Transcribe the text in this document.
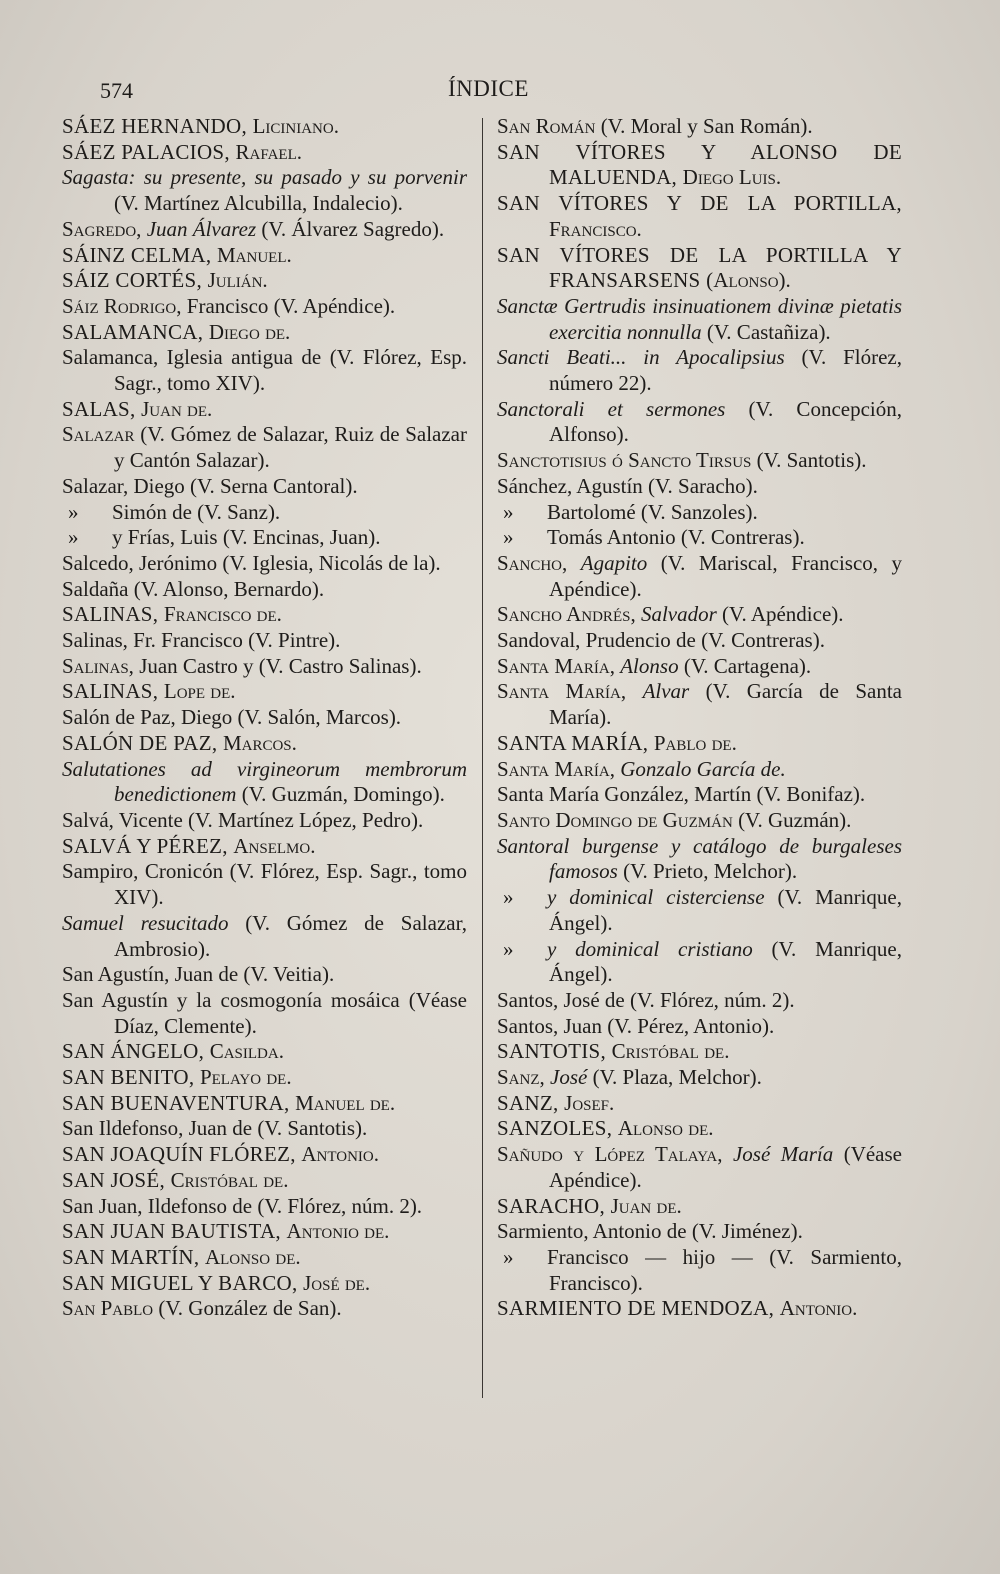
574	ÍNDICE
SÁEZ HERNANDO, Liciniano.
SÁEZ PALACIOS, Rafael.
Sagasta: su presente, su pasado y su porvenir (V. Martínez Alcubilla, Indalecio).
Sagredo, Juan Álvarez (V. Álvarez Sagredo).
SÁINZ CELMA, Manuel.
SÁIZ CORTÉS, Julián.
Sáiz Rodrigo, Francisco (V. Apéndice).
SALAMANCA, Diego de.
Salamanca, Iglesia antigua de (V. Flórez, Esp. Sagr., tomo XIV).
SALAS, Juan de.
Salazar (V. Gómez de Salazar, Ruiz de Salazar y Cantón Salazar).
Salazar, Diego (V. Serna Cantoral).
» Simón de (V. Sanz).
» y Frías, Luis (V. Encinas, Juan).
Salcedo, Jerónimo (V. Iglesia, Nicolás de la).
Saldaña (V. Alonso, Bernardo).
SALINAS, Francisco de.
Salinas, Fr. Francisco (V. Pintre).
Salinas, Juan Castro y (V. Castro Salinas).
SALINAS, Lope de.
Salón de Paz, Diego (V. Salón, Marcos).
SALÓN DE PAZ, Marcos.
Salutationes ad virgineorum membrorum benedictionem (V. Guzmán, Domingo).
Salvá, Vicente (V. Martínez López, Pedro).
SALVÁ Y PÉREZ, Anselmo.
Sampiro, Cronicón (V. Flórez, Esp. Sagr., tomo XIV).
Samuel resucitado (V. Gómez de Salazar, Ambrosio).
San Agustín, Juan de (V. Veitia).
San Agustín y la cosmogonía mosáica (Véase Díaz, Clemente).
SAN ÁNGELO, Casilda.
SAN BENITO, Pelayo de.
SAN BUENAVENTURA, Manuel de.
San Ildefonso, Juan de (V. Santotis).
SAN JOAQUÍN FLÓREZ, Antonio.
SAN JOSÉ, Cristóbal de.
San Juan, Ildefonso de (V. Flórez, núm. 2).
SAN JUAN BAUTISTA, Antonio de.
SAN MARTÍN, Alonso de.
SAN MIGUEL Y BARCO, José de.
San Pablo (V. González de San).
San Román (V. Moral y San Román).
SAN VÍTORES Y ALONSO DE MALUENDA, Diego Luis.
SAN VÍTORES Y DE LA PORTILLA, Francisco.
SAN VÍTORES DE LA PORTILLA Y FRANSARSENS (Alonso).
Sanctæ Gertrudis insinuationem divinæ pietatis exercitia nonnulla (V. Castañiza).
Sancti Beati... in Apocalipsius (V. Flórez, número 22).
Sanctorali et sermones (V. Concepción, Alfonso).
Sanctotisius ó Sancto Tirsus (V. Santotis).
Sánchez, Agustín (V. Saracho).
» Bartolomé (V. Sanzoles).
» Tomás Antonio (V. Contreras).
Sancho, Agapito (V. Mariscal, Francisco, y Apéndice).
Sancho Andrés, Salvador (V. Apéndice).
Sandoval, Prudencio de (V. Contreras).
Santa María, Alonso (V. Cartagena).
Santa María, Alvar (V. García de Santa María).
SANTA MARÍA, Pablo de.
Santa María, Gonzalo García de.
Santa María González, Martín (V. Bonifaz).
Santo Domingo de Guzmán (V. Guzmán).
Santoral burgense y catálogo de burgaleses famosos (V. Prieto, Melchor).
» y dominical cisterciense (V. Manrique, Ángel).
» y dominical cristiano (V. Manrique, Ángel).
Santos, José de (V. Flórez, núm. 2).
Santos, Juan (V. Pérez, Antonio).
SANTOTIS, Cristóbal de.
Sanz, José (V. Plaza, Melchor).
SANZ, Josef.
SANZOLES, Alonso de.
Sañudo y López Talaya, José María (Véase Apéndice).
SARACHO, Juan de.
Sarmiento, Antonio de (V. Jiménez).
» Francisco — hijo — (V. Sarmiento, Francisco).
SARMIENTO DE MENDOZA, Antonio.
